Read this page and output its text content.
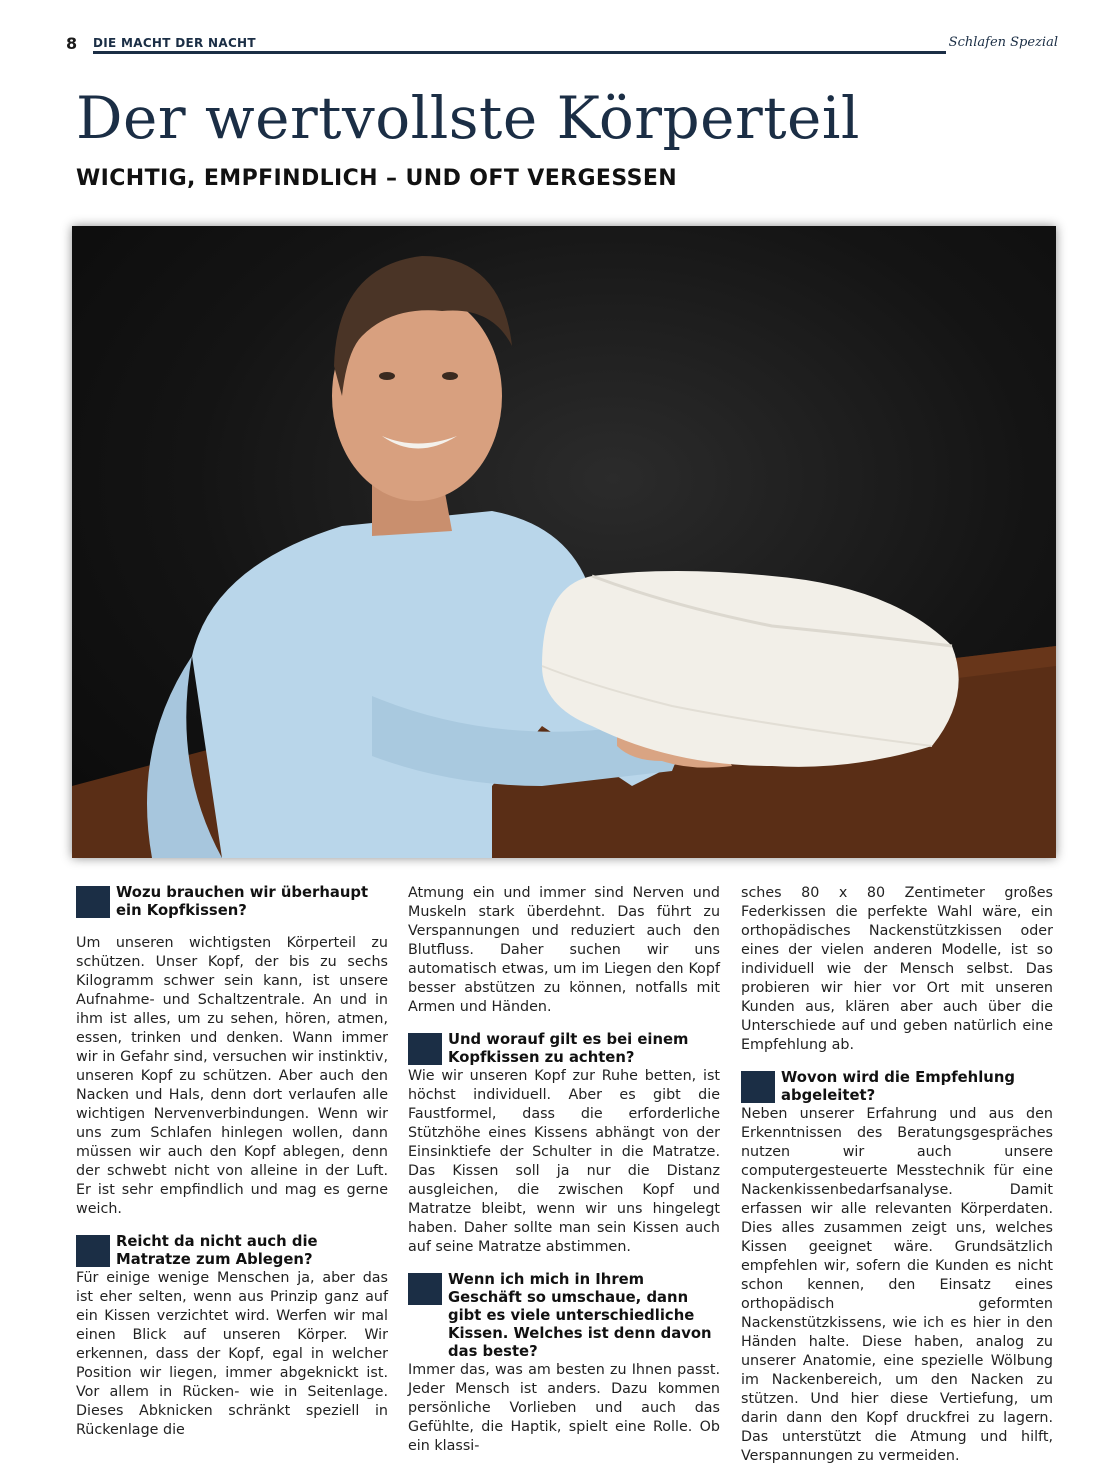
8 DIE MACHT DER NACHT	Schlafen Spezial
Der wertvollste Körperteil
WICHTIG, EMPFINDLICH – UND OFT VERGESSEN
Wozu brauchen wir überhaupt ein Kopfkissen?

Um unseren wichtigsten Körperteil zu schützen. Unser Kopf, der bis zu sechs Kilogramm schwer sein kann, ist unsere Aufnahme- und Schaltzentrale. An und in ihm ist alles, um zu sehen, hören, atmen, essen, trinken und denken. Wann immer wir in Gefahr sind, versuchen wir instinktiv, unseren Kopf zu schützen. Aber auch den Nacken und Hals, denn dort verlaufen alle wichtigen Nervenverbindungen. Wenn wir uns zum Schlafen hinlegen wollen, dann müssen wir auch den Kopf ablegen, denn der schwebt nicht von alleine in der Luft. Er ist sehr empfindlich und mag es gerne weich.

Reicht da nicht auch die Matratze zum Ablegen?

Für einige wenige Menschen ja, aber das ist eher selten, wenn aus Prinzip ganz auf ein Kissen verzichtet wird. Werfen wir mal einen Blick auf unseren Körper. Wir erkennen, dass der Kopf, egal in welcher Position wir liegen, immer abgeknickt ist. Vor allem in Rücken- wie in Seitenlage. Dieses Abknicken schränkt speziell in Rückenlage die

Atmung ein und immer sind Nerven und Muskeln stark überdehnt. Das führt zu Verspannungen und reduziert auch den Blutfluss. Daher suchen wir uns automatisch etwas, um im Liegen den Kopf besser abstützen zu können, notfalls mit Armen und Händen.

Und worauf gilt es bei einem Kopfkissen zu achten?

Wie wir unseren Kopf zur Ruhe betten, ist höchst individuell. Aber es gibt die Faustformel, dass die erforderliche Stützhöhe eines Kissens abhängt von der Einsinktiefe der Schulter in die Matratze. Das Kissen soll ja nur die Distanz ausgleichen, die zwischen Kopf und Matratze bleibt, wenn wir uns hingelegt haben. Daher sollte man sein Kissen auch auf seine Matratze abstimmen.

Wenn ich mich in Ihrem Geschäft so umschaue, dann gibt es viele unterschiedliche Kissen. Welches ist denn davon das beste?

Immer das, was am besten zu Ihnen passt. Jeder Mensch ist anders. Dazu kommen persönliche Vorlieben und auch das Gefühlte, die Haptik, spielt eine Rolle. Ob ein klassi-

sches 80 x 80 Zentimeter großes Federkissen die perfekte Wahl wäre, ein orthopädisches Nackenstützkissen oder eines der vielen anderen Modelle, ist so individuell wie der Mensch selbst. Das probieren wir hier vor Ort mit unseren Kunden aus, klären aber auch über die Unterschiede auf und geben natürlich eine Empfehlung ab.

Wovon wird die Empfehlung abgeleitet?

Neben unserer Erfahrung und aus den Erkenntnissen des Beratungsgespräches nutzen wir auch unsere computergesteuerte Messtechnik für eine Nackenkissenbedarfsanalyse. Damit erfassen wir alle relevanten Körperdaten. Dies alles zusammen zeigt uns, welches Kissen geeignet wäre. Grundsätzlich empfehlen wir, sofern die Kunden es nicht schon kennen, den Einsatz eines orthopädisch geformten Nackenstützkissens, wie ich es hier in den Händen halte. Diese haben, analog zu unserer Anatomie, eine spezielle Wölbung im Nackenbereich, um den Nacken zu stützen. Und hier diese Vertiefung, um darin dann den Kopf druckfrei zu lagern. Das unterstützt die Atmung und hilft, Verspannungen zu vermeiden.
